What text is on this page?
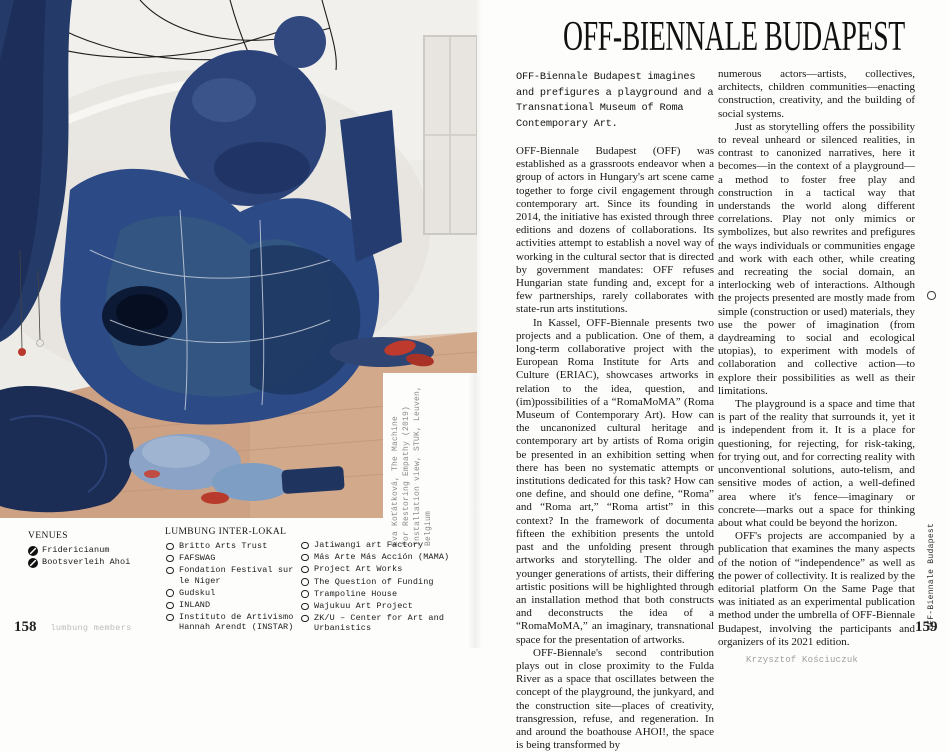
Eva Koťátková, The Machine for Restoring Empathy (2019) Installation view, STUK, Leuven, Belgium

VENUES

Fridericianum
Bootsverleih Ahoi

LUMBUNG INTER-LOKAL

Britto Arts Trust
FAFSWAG
Fondation Festival sur le Niger
Gudskul
INLAND
Instituto de Artivismo Hannah Arendt (INSTAR)
Jatiwangi art Factory
Más Arte Más Acción (MAMA)
Project Art Works
The Question of Funding
Trampoline House
Wajukuu Art Project
ZK/U – Center for Art and Urbanistics
158 lumbung members
OFF-BIENNALE BUDAPEST

OFF-Biennale Budapest imagines and prefigures a playground and a Transnational Museum of Roma Contemporary Art.

OFF-Biennale Budapest (OFF) was established as a grassroots endeavor when a group of actors in Hungary's art scene came together to forge civil engagement through contemporary art. Since its founding in 2014, the initiative has existed through three editions and dozens of collaborations. Its activities attempt to establish a novel way of working in the cultural sector that is directed by government mandates: OFF refuses Hungarian state funding and, except for a few partnerships, rarely collaborates with state-run arts institutions.

In Kassel, OFF-Biennale presents two projects and a publication. One of them, a long-term collaborative project with the European Roma Institute for Arts and Culture (ERIAC), showcases artworks in relation to the idea, question, and (im)possibilities of a “RomaMoMA” (Roma Museum of Contemporary Art). How can the uncanonized cultural heritage and contemporary art by artists of Roma origin be presented in an exhibition setting when there has been no systematic attempts or institutions dedicated for this task? How can one define, and should one define, “Roma” and “Roma art,” “Roma artist” in this context? In the framework of documenta fifteen the exhibition presents the untold past and the unfolding present through artworks and storytelling. The older and younger generations of artists, their differing artistic positions will be highlighted through an installation method that both constructs and deconstructs the idea of a “RomaMoMA,” an imaginary, transnational space for the presentation of artworks.

OFF-Biennale's second contribution plays out in close proximity to the Fulda River as a space that oscillates between the concept of the playground, the junkyard, and the construction site—places of creativity, transgression, refuse, and regeneration. In and around the boathouse AHOI!, the space is being transformed by

numerous actors—artists, collectives, architects, children communities—enacting construction, creativity, and the building of social systems.

Just as storytelling offers the possibility to reveal unheard or silenced realities, in contrast to canonized narratives, here it becomes—in the context of a playground—a method to foster free play and construction in a tactical way that understands the world along different correlations. Play not only mimics or symbolizes, but also rewrites and prefigures the ways individuals or communities engage and work with each other, while creating and recreating the social domain, an interlocking web of interactions. Although the projects presented are mostly made from simple (construction or used) materials, they use the power of imagination (from daydreaming to social and ecological utopias), to experiment with models of collaboration and collective action—to explore their possibilities as well as their limitations.

The playground is a space and time that is part of the reality that surrounds it, yet it is independent from it. It is a place for questioning, for rejecting, for risk-taking, for trying out, and for correcting reality with unconventional solutions, auto-telism, and sensitive modes of action, a well-defined area where it's fence—imaginary or concrete—marks out a space for thinking about what could be beyond the horizon.

OFF's projects are accompanied by a publication that examines the many aspects of the notion of “independence” as well as the power of collectivity. It is realized by the editorial platform On the Same Page that was initiated as an experimental publication method under the umbrella of OFF-Biennale Budapest, involving the participants and organizers of its 2021 edition.

Krzysztof Kościuczuk

OFF-Biennale Budapest
159
